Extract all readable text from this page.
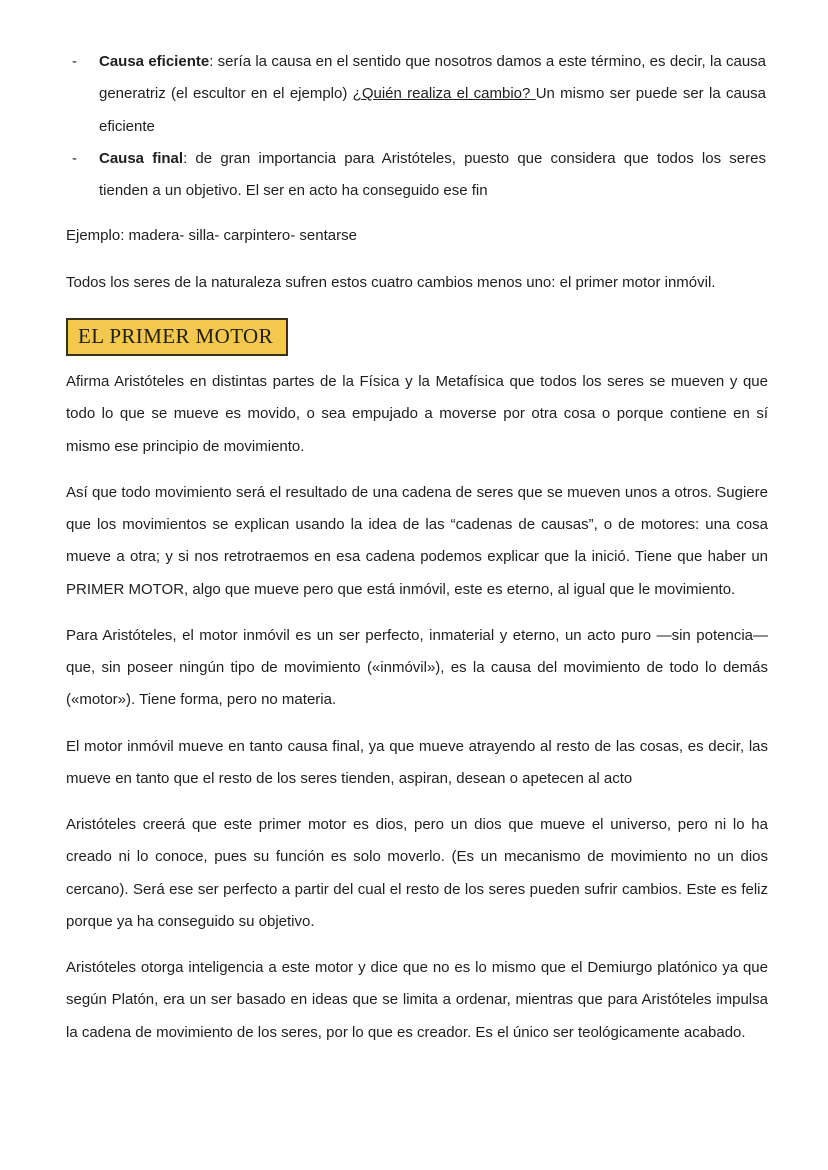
-	Causa eficiente: sería la causa en el sentido que nosotros damos a este término, es decir, la causa generatriz (el escultor en el ejemplo) ¿Quién realiza el cambio? Un mismo ser puede ser la causa eficiente

-	Causa final: de gran importancia para Aristóteles, puesto que considera que todos los seres tienden a un objetivo. El ser en acto ha conseguido ese fin

Ejemplo: madera- silla- carpintero- sentarse

Todos los seres de la naturaleza sufren estos cuatro cambios menos uno: el primer motor inmóvil.

EL PRIMER MOTOR

Afirma Aristóteles en distintas partes de la Física y la Metafísica que todos los seres se mueven y que todo lo que se mueve es movido, o sea empujado a moverse por otra cosa o porque contiene en sí mismo ese principio de movimiento.

Así que todo movimiento será el resultado de una cadena de seres que se mueven unos a otros. Sugiere que los movimientos se explican usando la idea de las “cadenas de causas”, o de motores: una cosa mueve a otra; y si nos retrotraemos en esa cadena podemos explicar que la inició. Tiene que haber un PRIMER MOTOR, algo que mueve pero que está inmóvil, este es eterno, al igual que le movimiento.

Para Aristóteles, el motor inmóvil es un ser perfecto, inmaterial y eterno, un acto puro —sin potencia— que, sin poseer ningún tipo de movimiento («inmóvil»), es la causa del movimiento de todo lo demás («motor»). Tiene forma, pero no materia.

El motor inmóvil mueve en tanto causa final, ya que mueve atrayendo al resto de las cosas, es decir, las mueve en tanto que el resto de los seres tienden, aspiran, desean o apetecen al acto

Aristóteles creerá que este primer motor es dios, pero un dios que mueve el universo, pero ni lo ha creado ni lo conoce, pues su función es solo moverlo. (Es un mecanismo de movimiento no un dios cercano). Será ese ser perfecto a partir del cual el resto de los seres pueden sufrir cambios. Este es feliz porque ya ha conseguido su objetivo.

Aristóteles otorga inteligencia a este motor y dice que no es lo mismo que el Demiurgo platónico ya que según Platón, era un ser basado en ideas que se limita a ordenar, mientras que para Aristóteles impulsa la cadena de movimiento de los seres, por lo que es creador. Es el único ser teológicamente acabado.
